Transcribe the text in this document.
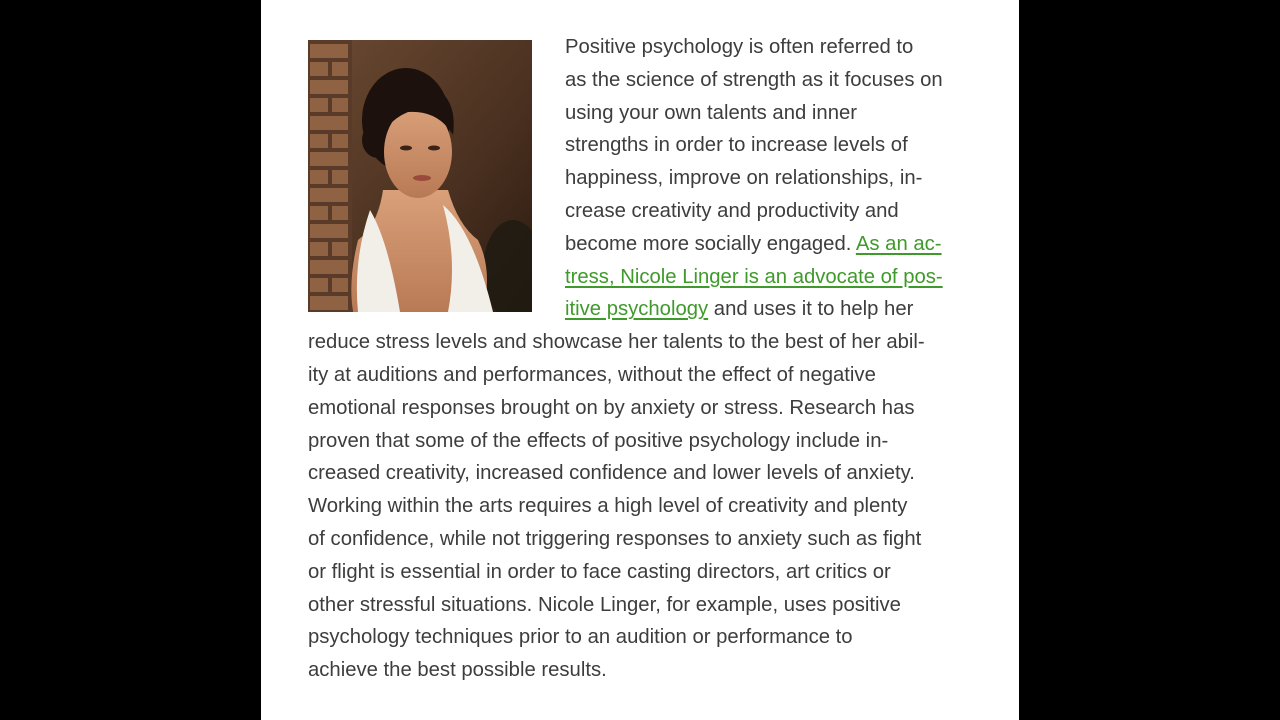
Positive psychology is often referred to
as the science of strength as it focuses on
using your own talents and inner
strengths in order to increase levels of
happiness, improve on relationships, in-
crease creativity and productivity and
become more socially engaged. As an ac-
tress, Nicole Linger is an advocate of pos-
itive psychology and uses it to help her
reduce stress levels and showcase her talents to the best of her abil-
ity at auditions and performances, without the effect of negative
emotional responses brought on by anxiety or stress. Research has
proven that some of the effects of positive psychology include in-
creased creativity, increased confidence and lower levels of anxiety.
Working within the arts requires a high level of creativity and plenty
of confidence, while not triggering responses to anxiety such as fight
or flight is essential in order to face casting directors, art critics or
other stressful situations. Nicole Linger, for example, uses positive
psychology techniques prior to an audition or performance to
achieve the best possible results.
